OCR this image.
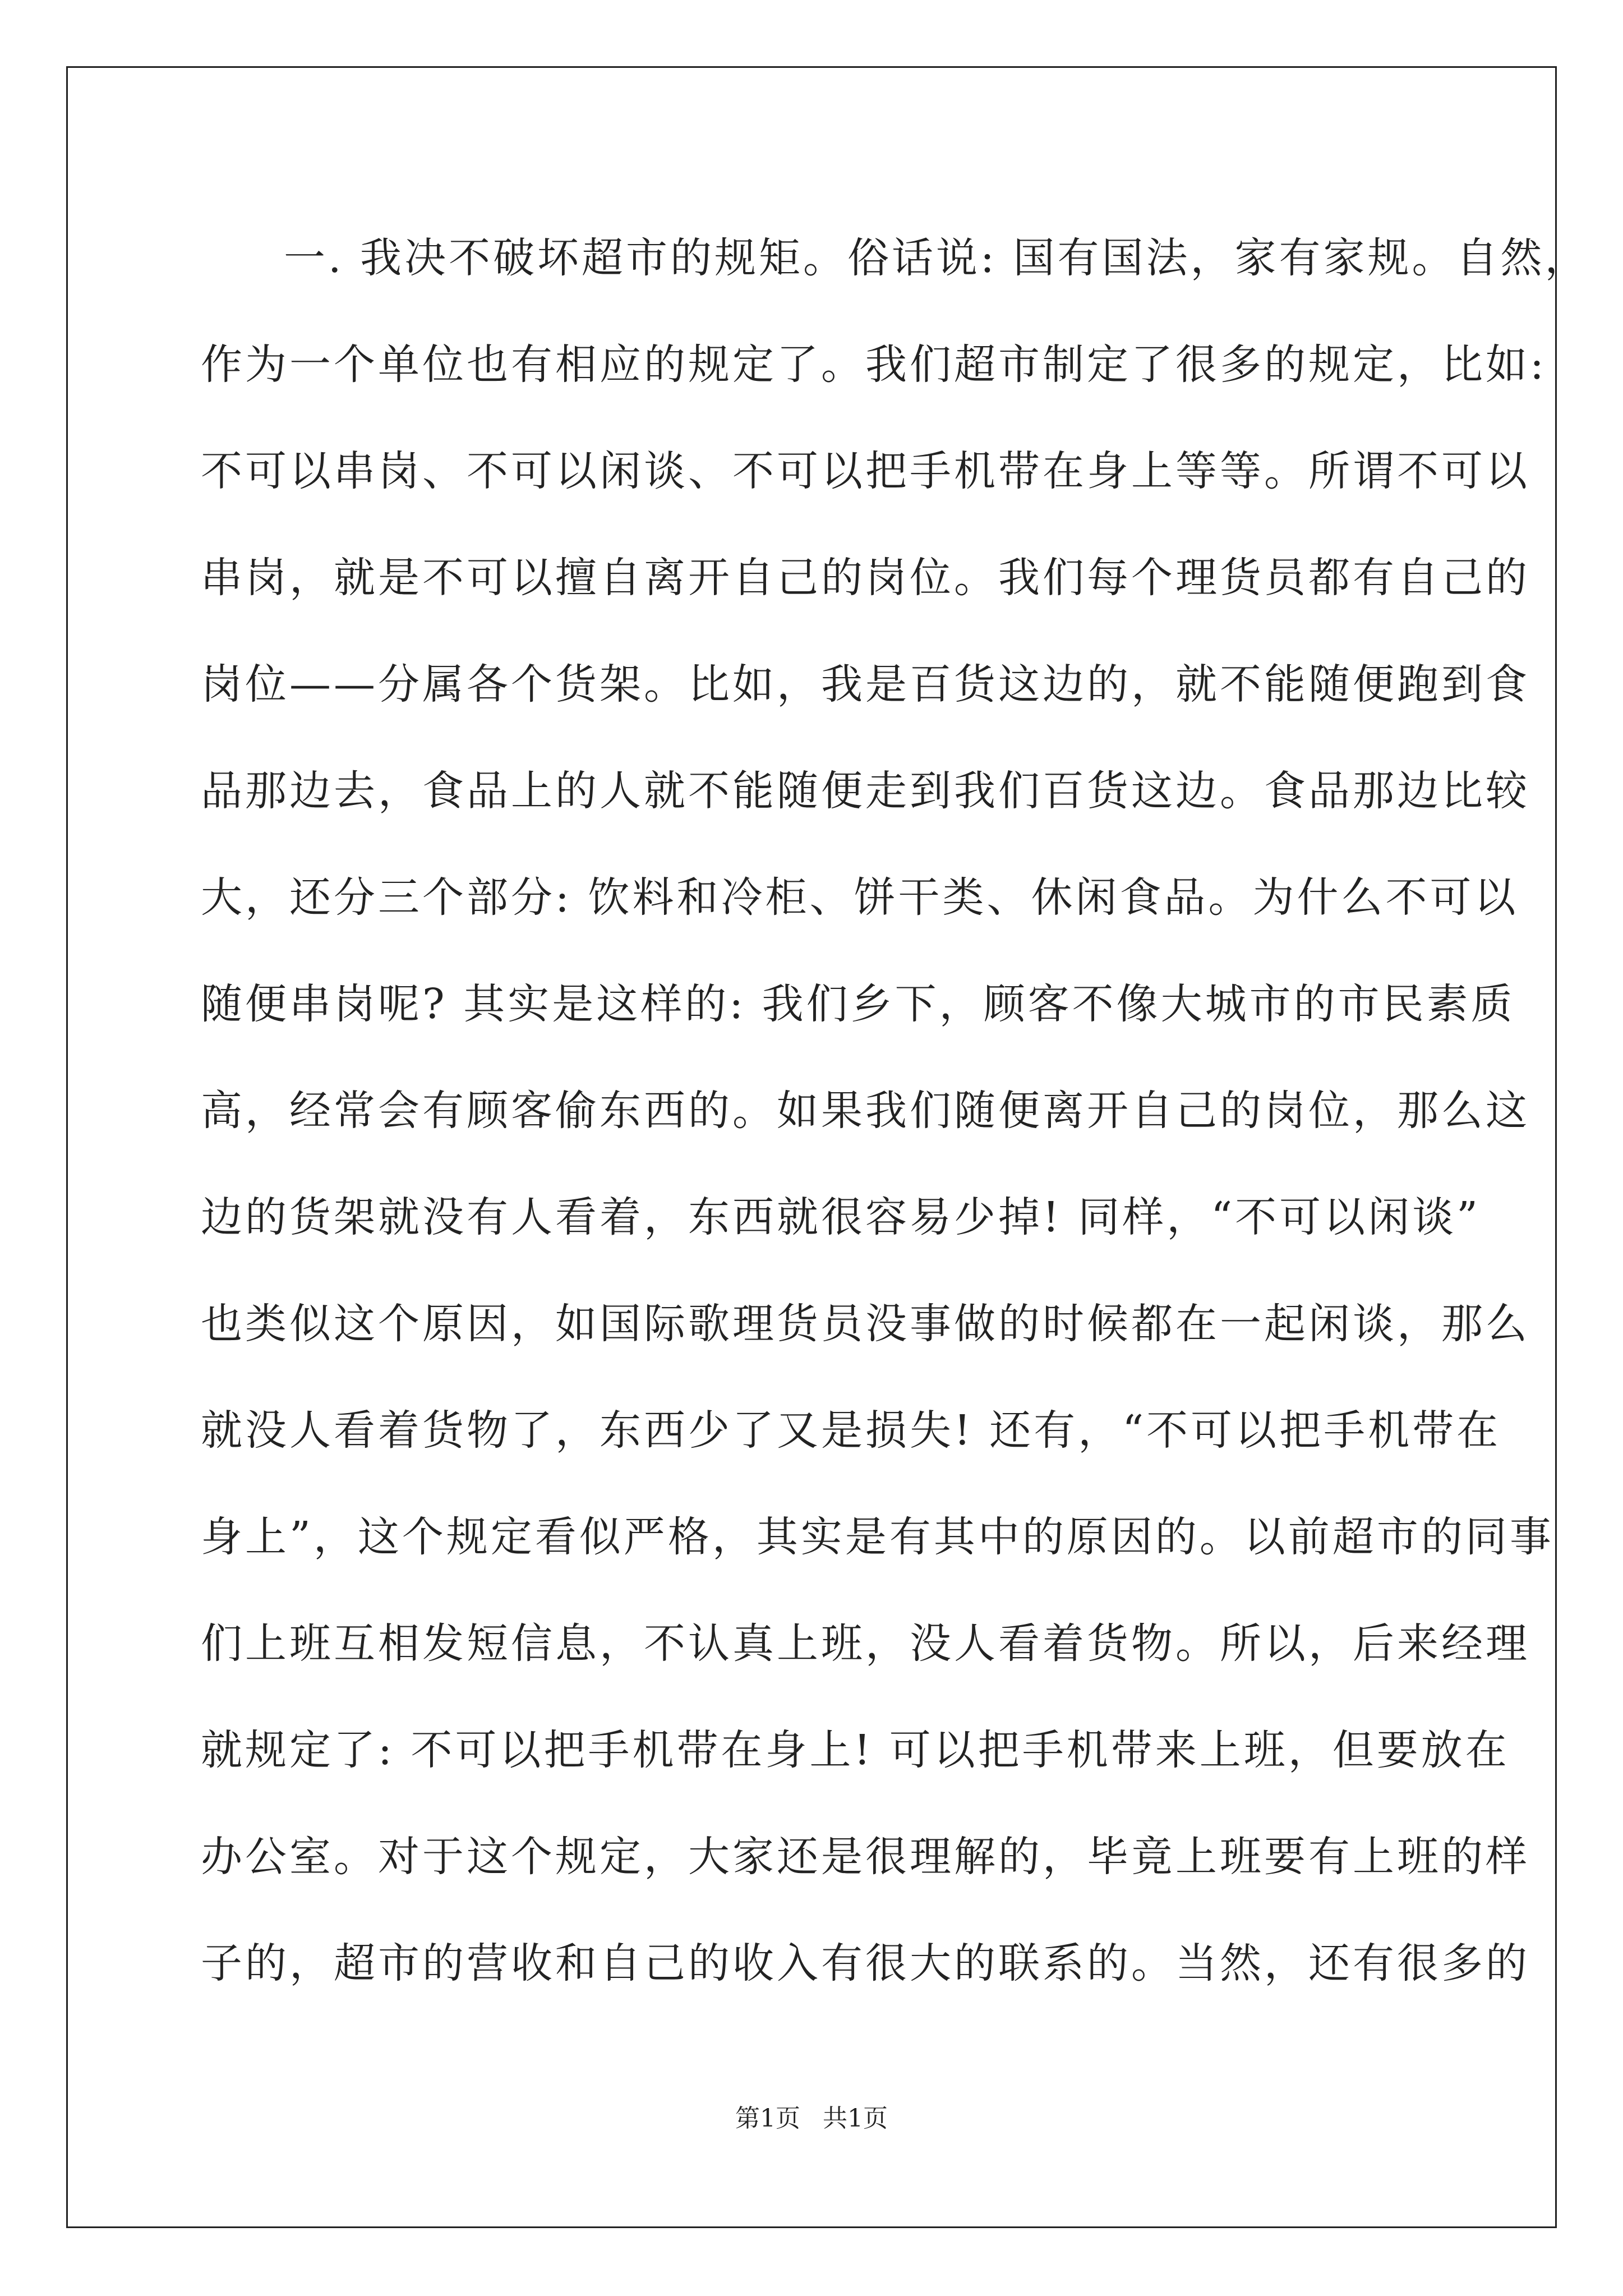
一. 我决不破坏超市的规矩。俗话说: 国有国法，家有家规。自然，
作为一个单位也有相应的规定了。我们超市制定了很多的规定，比如:
不可以串岗、不可以闲谈、不可以把手机带在身上等等。所谓不可以
串岗，就是不可以擅自离开自己的岗位。我们每个理货员都有自己的
岗位——分属各个货架。比如，我是百货这边的，就不能随便跑到食
品那边去，食品上的人就不能随便走到我们百货这边。食品那边比较
大，还分三个部分: 饮料和冷柜、饼干类、休闲食品。为什么不可以
随便串岗呢? 其实是这样的: 我们乡下，顾客不像大城市的市民素质
高，经常会有顾客偷东西的。如果我们随便离开自己的岗位，那么这
边的货架就没有人看着，东西就很容易少掉! 同样，“不可以闲谈”
也类似这个原因，如国际歌理货员没事做的时候都在一起闲谈，那么
就没人看着货物了，东西少了又是损失! 还有，“不可以把手机带在
身上”，这个规定看似严格，其实是有其中的原因的。以前超市的同事
们上班互相发短信息，不认真上班，没人看着货物。所以，后来经理
就规定了: 不可以把手机带在身上! 可以把手机带来上班，但要放在
办公室。对于这个规定，大家还是很理解的，毕竟上班要有上班的样
子的，超市的营收和自己的收入有很大的联系的。当然，还有很多的
第1页 共1页
